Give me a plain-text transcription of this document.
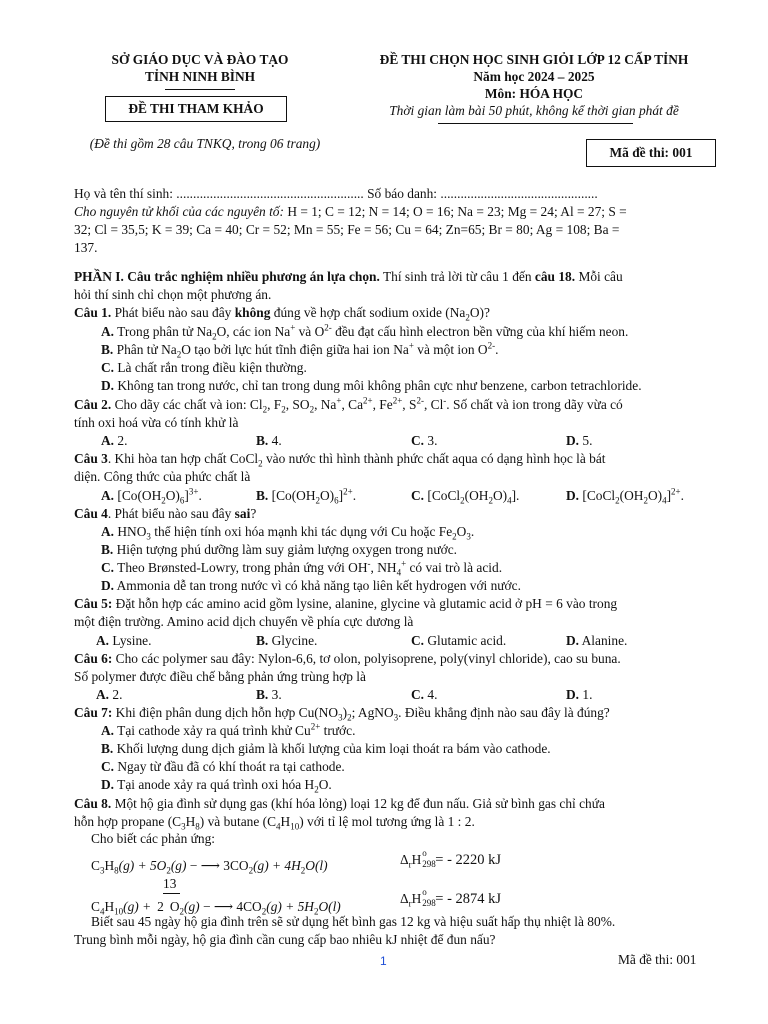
SỞ GIÁO DỤC VÀ ĐÀO TẠO
TỈNH NINH BÌNH
ĐỀ THI THAM KHẢO
ĐỀ THI CHỌN HỌC SINH GIỎI LỚP 12 CẤP TỈNH
Năm học 2024 – 2025
Môn: HÓA HỌC
Thời gian làm bài 50 phút, không kể thời gian phát đề
(Đề thi gồm 28 câu TNKQ, trong 06 trang)
Mã đề thi: 001
Họ và tên thí sinh: ........................................................ Số báo danh: ...............................................
Cho nguyên tử khối của các nguyên tố: H = 1; C = 12; N = 14; O = 16; Na = 23; Mg = 24; Al = 27; S =
32; Cl = 35,5; K = 39; Ca = 40; Cr = 52; Mn = 55; Fe = 56; Cu = 64; Zn=65; Br = 80; Ag = 108; Ba =
137.
PHẦN I. Câu trắc nghiệm nhiều phương án lựa chọn. Thí sinh trả lời từ câu 1 đến câu 18. Mỗi câu
hỏi thí sinh chỉ chọn một phương án.
Câu 1. Phát biểu nào sau đây không đúng về hợp chất sodium oxide $(Na_2O)$?
A. Trong phân tử $Na_2O$, các ion Na+ và $O^{2-}$ đều đạt cấu hình electron bền vững của khí hiếm neon.
B. Phân tử $Na_2O$ tạo bởi lực hút tĩnh điện giữa hai ion Na+ và một ion $O^{2-}$.
C. Là chất rắn trong điều kiện thường.
D. Không tan trong nước, chỉ tan trong dung môi không phân cực như benzene, carbon tetrachloride.
Câu 2. Cho dãy các chất và ion: $Cl_2$, $F_2$, $SO_2$, Na+, $Ca^{2+}$, $Fe^{2+}$, $S^{2-}$, Cl-. Số chất và ion trong dãy vừa có
tính oxi hoá vừa có tính khử là
A. 2.	B. 4.	C. 3.	D. 5.
Câu 3. Khi hòa tan hợp chất CoCl$_2$ vào nước thì hình thành phức chất aqua có dạng hình học là bát
diện. Công thức của phức chất là
A. $[Co(OH_2O)_6]^{3+}$.	B. $[Co(OH_2O)_6]^{2+}$.	C. $[CoCl_2(OH_2O)_4]$.	D. $[CoCl_2(OH_2O)_4]^{2+}$.
Câu 4. Phát biểu nào sau đây sai?
A. $HNO_3$ thể hiện tính oxi hóa mạnh khi tác dụng với Cu hoặc $Fe_2O_3$.
B. Hiện tượng phú dưỡng làm suy giảm lượng oxygen trong nước.
C. Theo Brønsted-Lowry, trong phản ứng với OH-, $NH_4^+$ có vai trò là acid.
D. Ammonia dễ tan trong nước vì có khả năng tạo liên kết hydrogen với nước.
Câu 5: Đặt hỗn hợp các amino acid gồm lysine, alanine, glycine và glutamic acid ở pH = 6 vào trong
một điện trường. Amino acid dịch chuyển về phía cực dương là
A. Lysine.	B. Glycine.	C. Glutamic acid.	D. Alanine.
Câu 6: Cho các polymer sau đây: Nylon-6,6, tơ olon, polyisoprene, poly(vinyl chloride), cao su buna.
Số polymer được điều chế bằng phản ứng trùng hợp là
A. 2.	B. 3.	C. 4.	D. 1.
Câu 7: Khi điện phân dung dịch hỗn hợp $Cu(NO_3)_2$; AgNO$_3$. Điều khẳng định nào sau đây là đúng?
A. Tại cathode xảy ra quá trình khử $Cu^{2+}$ trước.
B. Khối lượng dung dịch giảm là khối lượng của kim loại thoát ra bám vào cathode.
C. Ngay từ đầu đã có khí thoát ra tại cathode.
D. Tại anode xảy ra quá trình oxi hóa $H_2O$.
Câu 8. Một hộ gia đình sử dụng gas (khí hóa lỏng) loại 12 kg để đun nấu. Giả sử bình gas chỉ chứa
hỗn hợp propane $(C_3H_8)$ và butane $(C_4H_{10})$ với tỉ lệ mol tương ứng là 1 : 2.
Cho biết các phản ứng:
$C_3H_8(g) + 5O_2(g)$ − ⟶ $3CO_2(g) + 4H_2O(l)$	$\Delta_rH$ o
298 = - 2220 kJ
13
$C_4H_{10}(g) + 2$ $O_2(g)$ − ⟶ $4CO_2(g) + 5H_2O(l)$
$\Delta_rH$ o
298 = - 2874 kJ
Biết sau 45 ngày hộ gia đình trên sẽ sử dụng hết bình gas 12 kg và hiệu suất hấp thụ nhiệt là 80%.
Trung bình mỗi ngày, hộ gia đình cần cung cấp bao nhiêu kJ nhiệt để đun nấu?
1	Mã đề thi: 001
